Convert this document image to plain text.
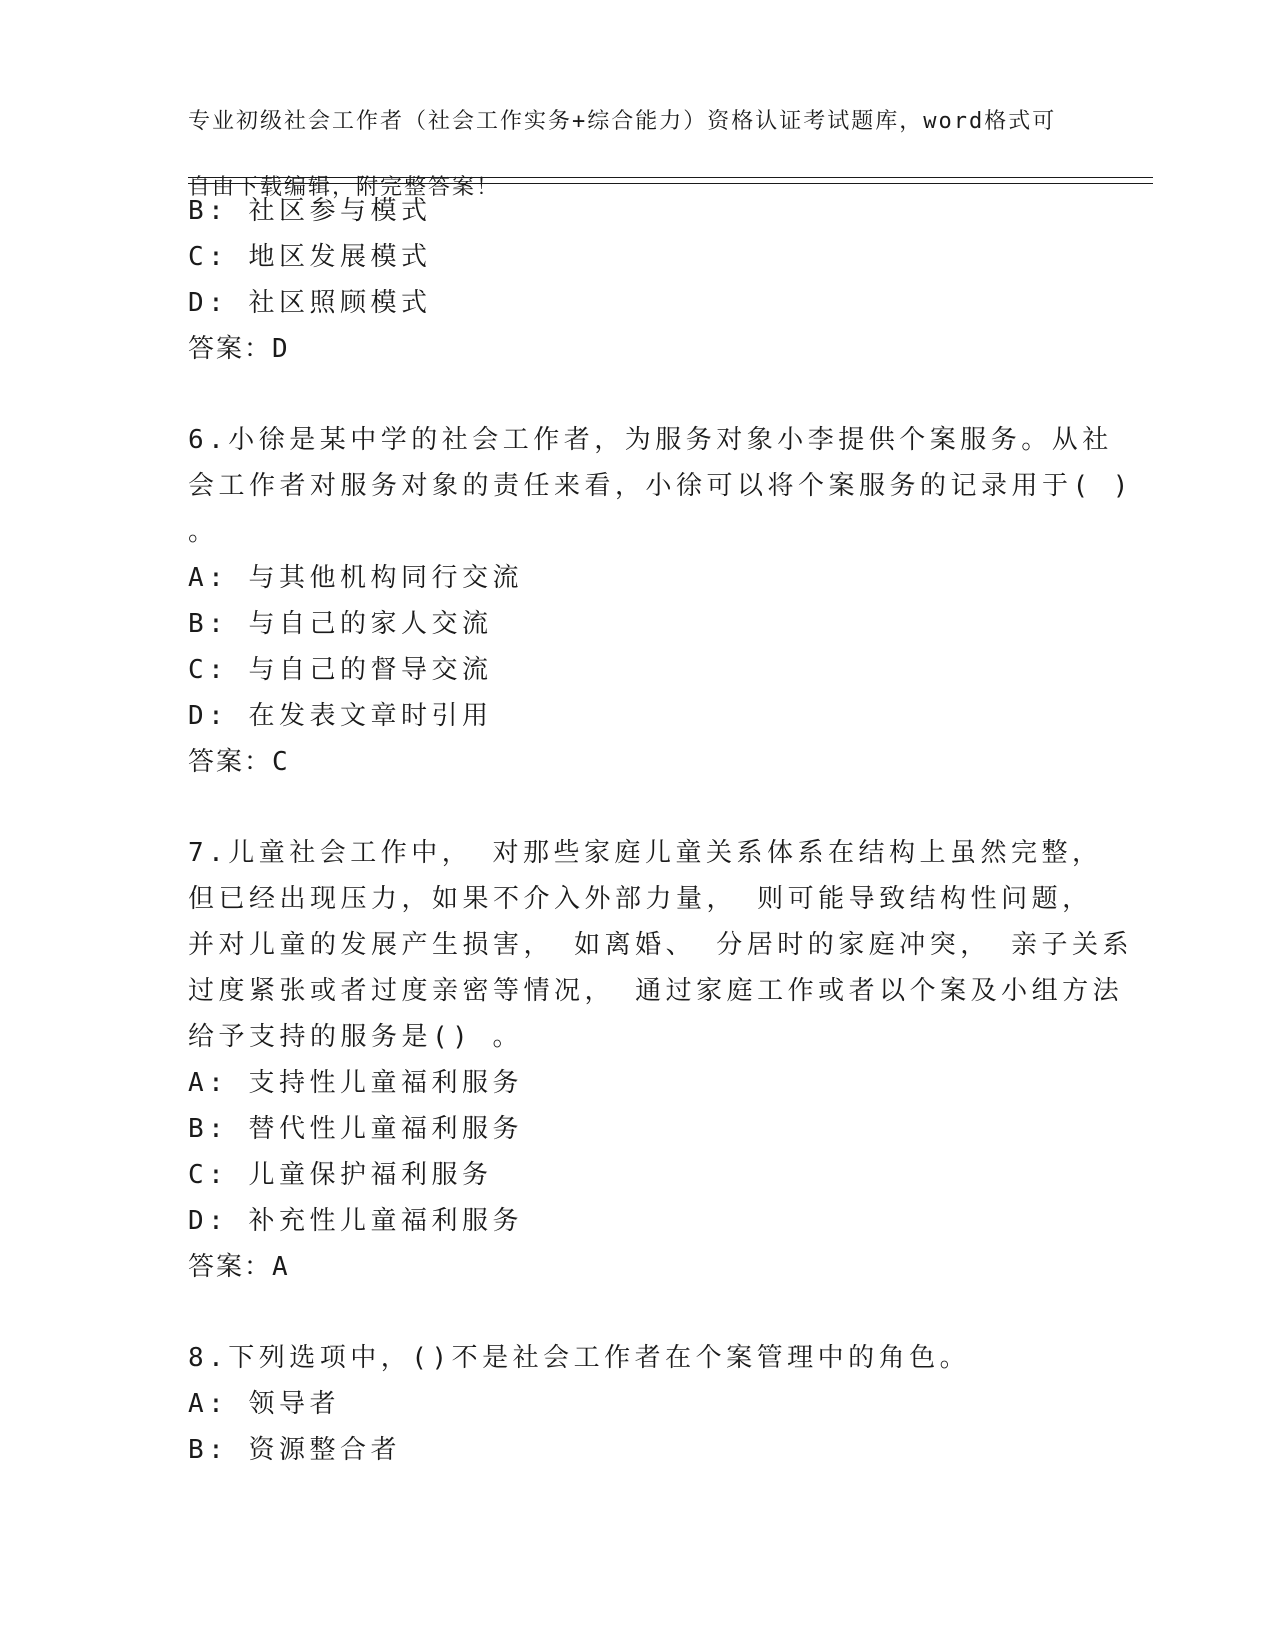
专业初级社会工作者（社会工作实务+综合能力）资格认证考试题库，word格式可

自由下载编辑，附完整答案！

B: 社区参与模式
C: 地区发展模式
D: 社区照顾模式
答案：D
6.小徐是某中学的社会工作者，为服务对象小李提供个案服务。从社
会工作者对服务对象的责任来看，小徐可以将个案服务的记录用于( )
。
A: 与其他机构同行交流
B: 与自己的家人交流
C: 与自己的督导交流
D: 在发表文章时引用
答案：C
7.儿童社会工作中， 对那些家庭儿童关系体系在结构上虽然完整，
但已经出现压力，如果不介入外部力量， 则可能导致结构性问题，
并对儿童的发展产生损害， 如离婚、 分居时的家庭冲突， 亲子关系
过度紧张或者过度亲密等情况， 通过家庭工作或者以个案及小组方法
给予支持的服务是() 。
A: 支持性儿童福利服务
B: 替代性儿童福利服务
C: 儿童保护福利服务
D: 补充性儿童福利服务
答案：A
8.下列选项中，()不是社会工作者在个案管理中的角色。
A: 领导者
B: 资源整合者
